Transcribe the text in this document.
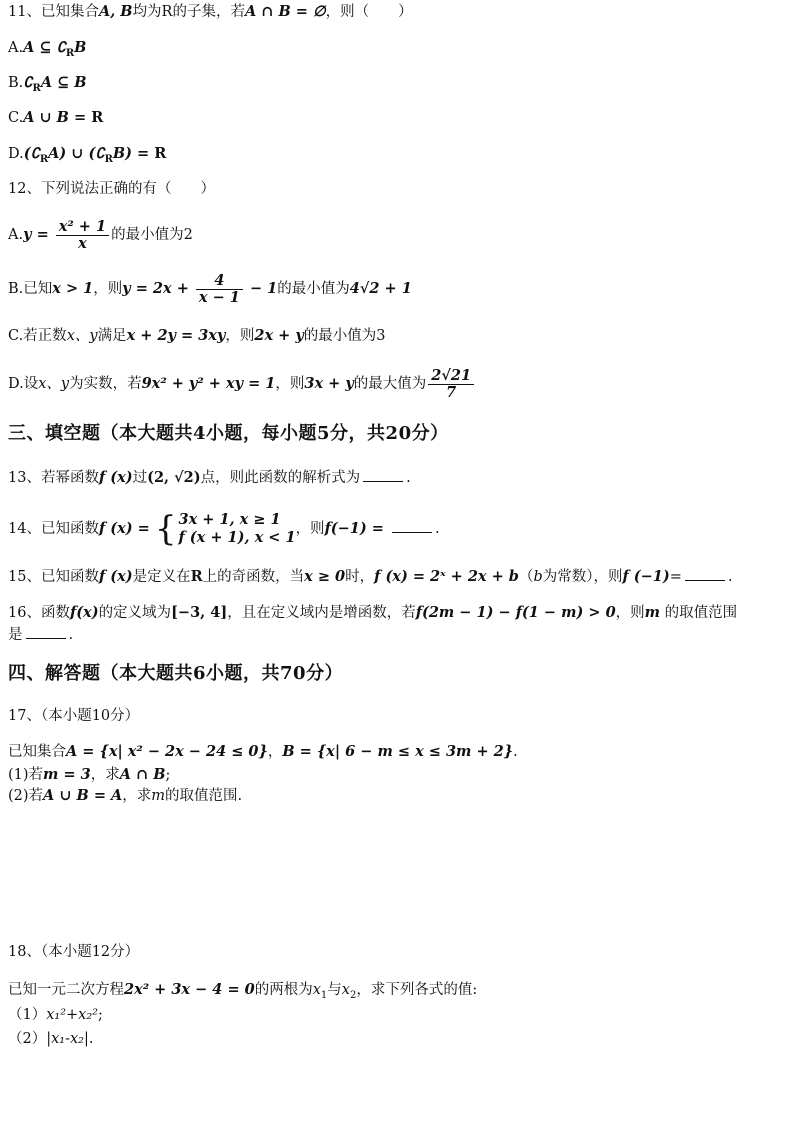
11、已知集合A, B均为R的子集，若A ∩ B = ∅，则（　　）
A.A ⊆ $∁_RB$
$B.∁_RA$ ⊆ B
C.A ∪ B = R
$D.(∁_RA)$ ∪ $(∁_RB) = R$
12、下列说法正确的有（　　）
$A.y = \frac{\text{x² + 1}}{x}$ 的最小值为2
B.已知x > 1，则$y = 2x + \frac{4}{x - 1} - 1$的最小值为4√2 + 1
C.若正数x、y满足x + 2y = 3xy，则2x + y的最小值为3
D.设x、y为实数，若9x² + y² + xy = 1，则3x + y的最大值为 $\frac{2√21}{7}$
三、填空题（本大题共4小题，每小题5分，共20分）
13、若幂函数f (x)过(2, √2)点，则此函数的解析式为	.
14、已知函数f (x) = { 3x + 1, x ≥ 1
f (x + 1), x < 1 ，则f(−1) =	.
15、已知函数f (x)是定义在R上的奇函数，当x ≥ 0时，f (x) = 2ˣ + 2x + b（b为常数），则f (−1)=	.
16、函数f(x)的定义域为[−3, 4]，且在定义域内是增函数，若f(2m − 1) − f(1 − m) > 0，则m 的取值范围
是	.
四、解答题（本大题共6小题，共70分）
17、（本小题10分）
已知集合A = {x| x² − 2x − 24 ≤ 0}，B = {x| 6 − m ≤ x ≤ 3m + 2}.
(1)若m = 3，求A ∩ B;
(2)若A ∪ B = A，求m的取值范围.
18、（本小题12分）
已知一元二次方程2x² + 3x − 4 = 0的两根为$x_1$与$x_2$，求下列各式的值:
（1）x₁²+x₂²;
（2）|x₁-x₂|.
